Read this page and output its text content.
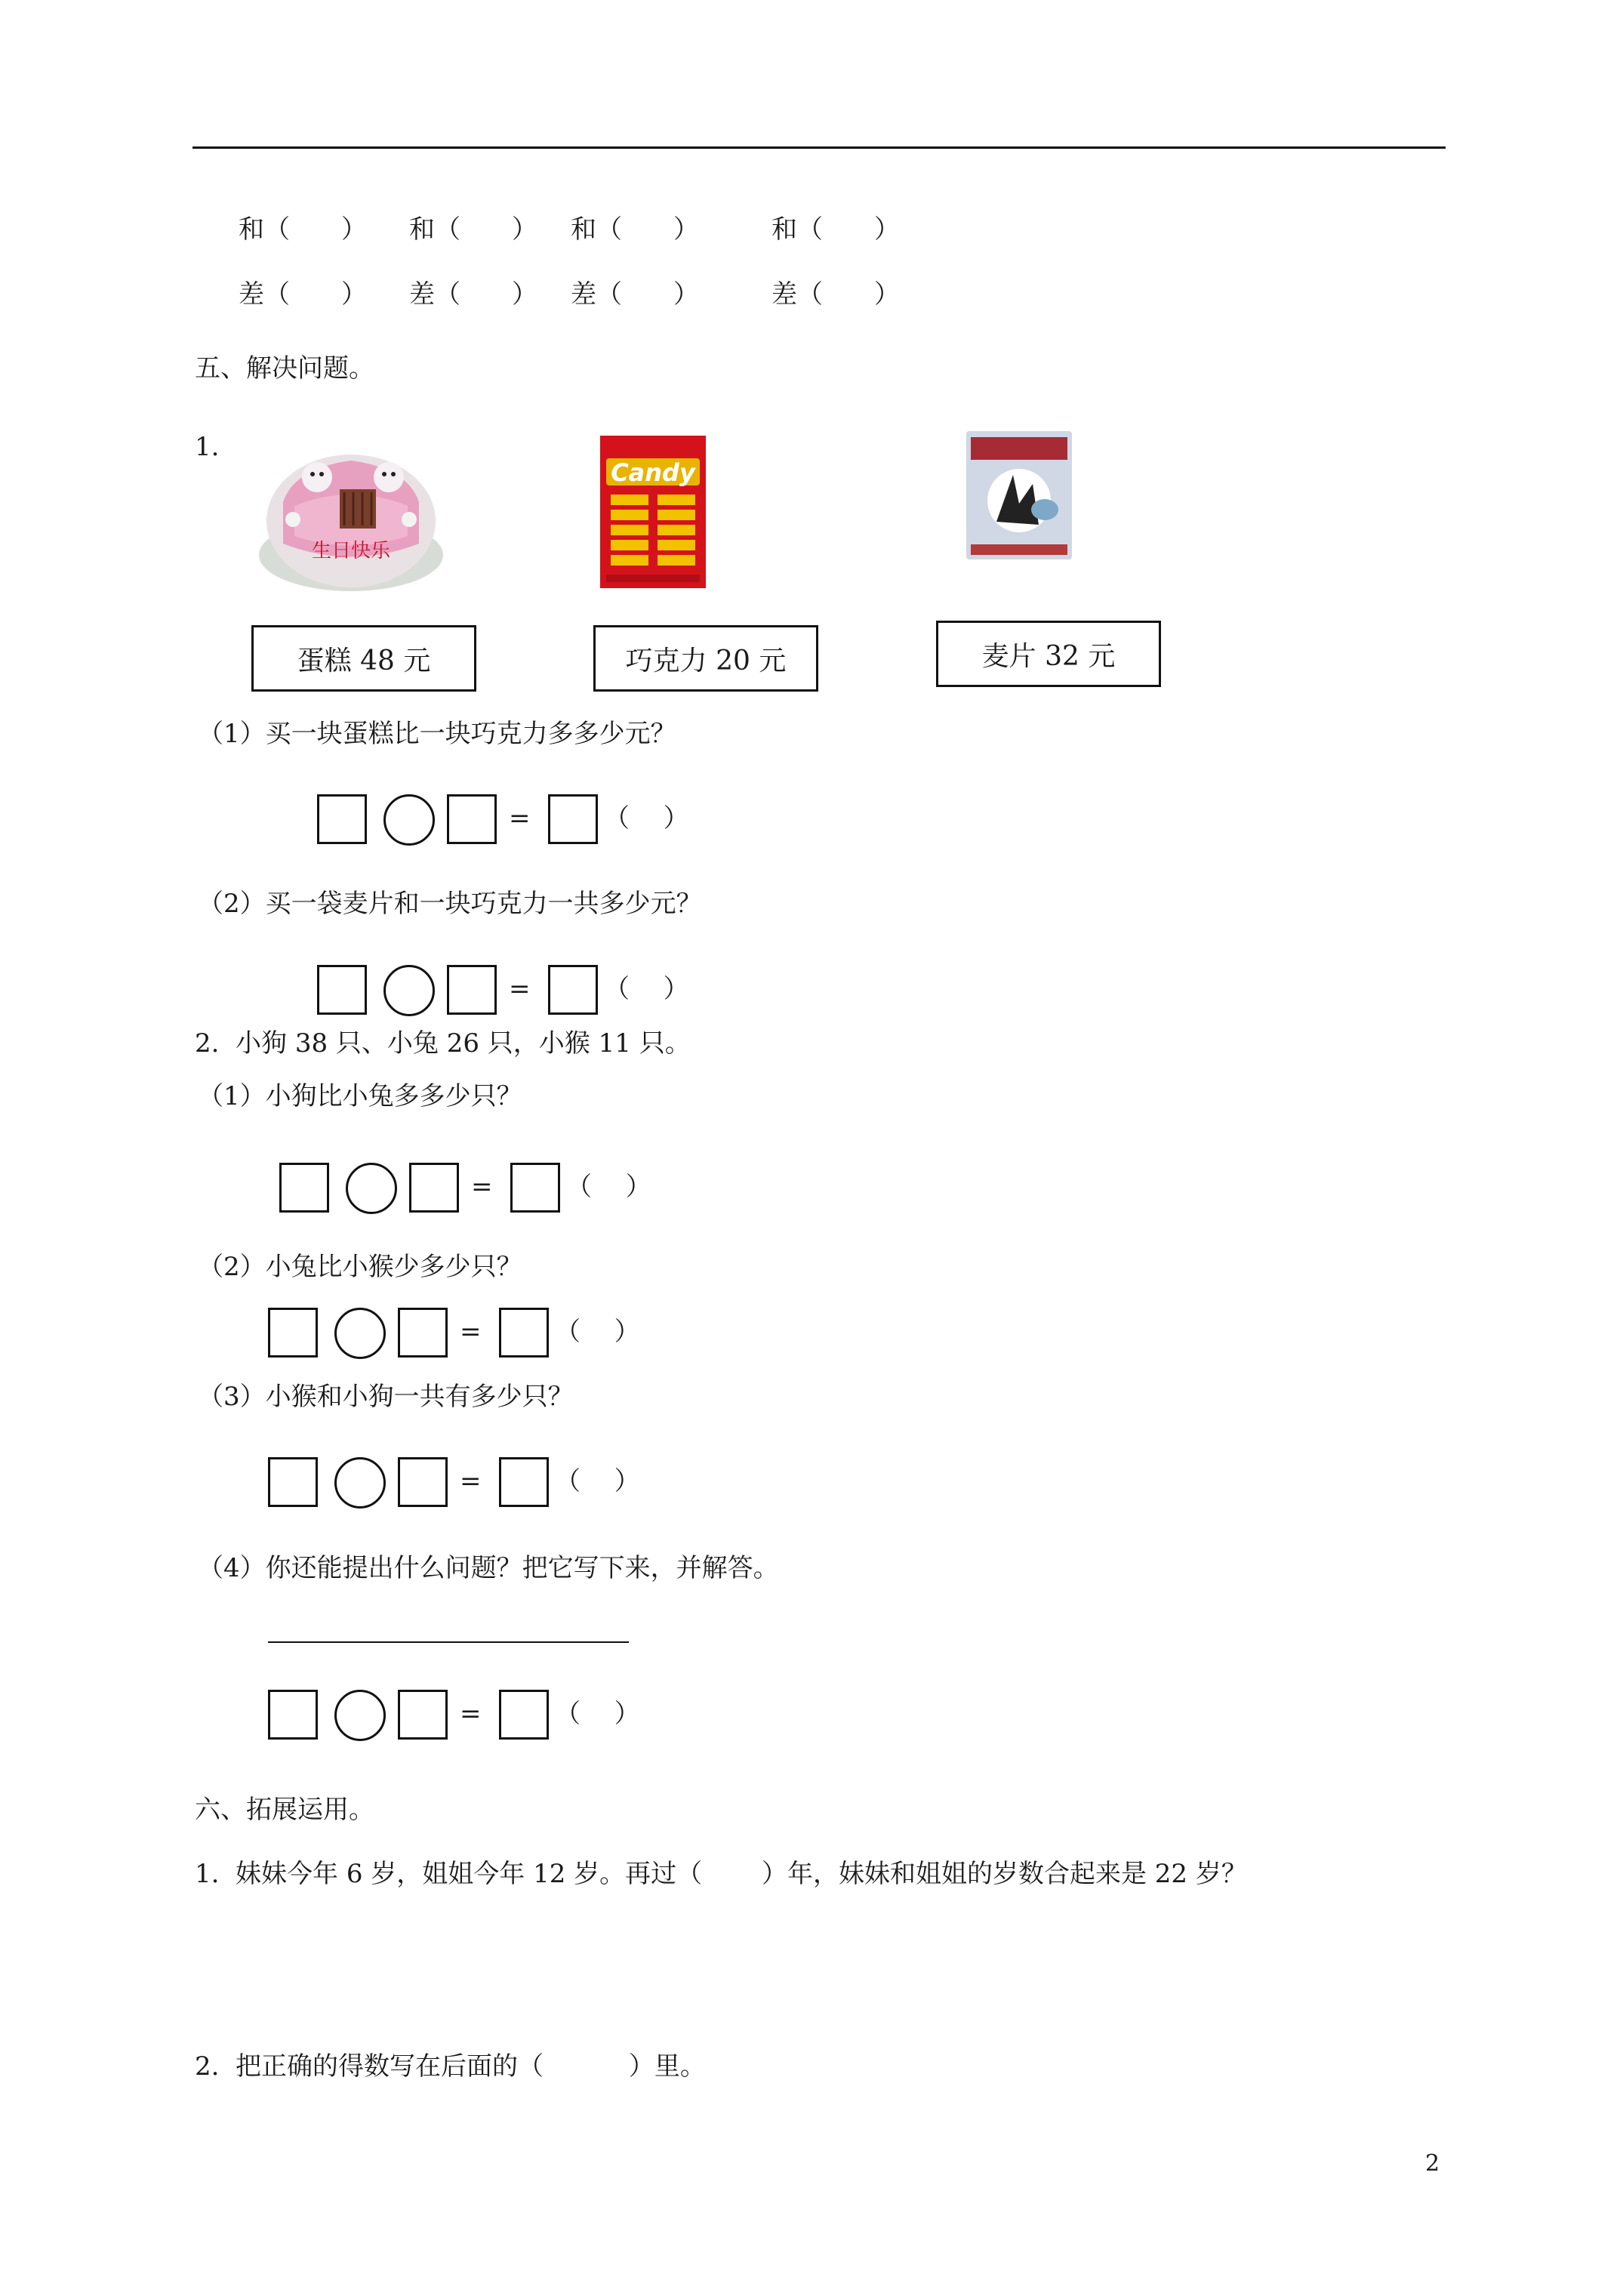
和（　　） 和（　　） 和（　　）	和（　　）
差（　　） 差（　　） 差（　　）	差（　　）
五、解决问题。
1.
生日快乐
Candy
蛋糕 48 元	巧克力 20 元	麦片 32 元
（1）买一块蛋糕比一块巧克力多多少元？
=	（　 ）
（2）买一袋麦片和一块巧克力一共多少元？
=	（　 ）
2.  小狗 38 只、小兔 26 只，小猴 11 只。
（1）小狗比小兔多多少只？
=	（　 ）
（2）小兔比小猴少多少只？
=	（　 ）
（3）小猴和小狗一共有多少只？
=	（　 ）
（4）你还能提出什么问题？把它写下来，并解答。
=	（　 ）
六、拓展运用。
1.  妹妹今年 6 岁，姐姐今年 12 岁。再过（　　 ）年，妹妹和姐姐的岁数合起来是 22 岁？
2.  把正确的得数写在后面的（　　　 ）里。
2
